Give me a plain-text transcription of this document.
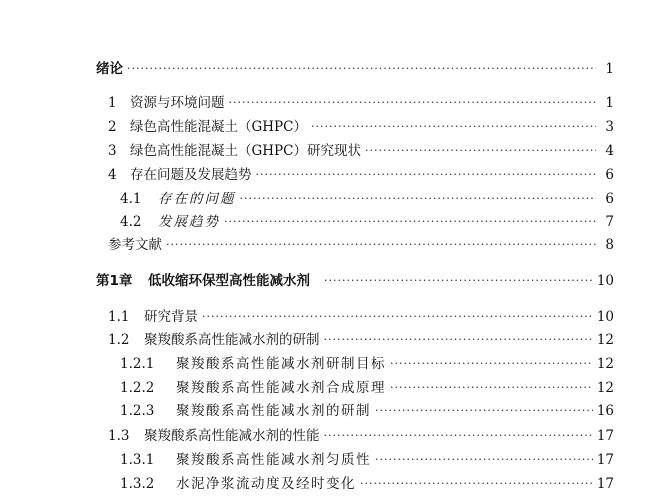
绪论 ·····	1
1 资源与环境问题 ·····	1
2 绿色高性能混凝土（GHPC） ·····	3
3 绿色高性能混凝土（GHPC）研究现状 ·····	4
4 存在问题及发展趋势 ·····	6
4.1	存在的问题 ·····	6
4.2	发展趋势 ·····	7
参考文献 ·····	8
第1章	低收缩环保型高性能减水剂 ·····	10
1.1	研究背景 ·····	10
1.2	聚羧酸系高性能减水剂的研制 ·····	12
1.2.1	聚羧酸系高性能减水剂研制目标 ·····	12
1.2.2	聚羧酸系高性能减水剂合成原理 ·····	12
1.2.3	聚羧酸系高性能减水剂的研制 ·····	16
1.3	聚羧酸系高性能减水剂的性能 ·····	17
1.3.1	聚羧酸系高性能减水剂匀质性 ·····	17
1.3.2	水泥净浆流动度及经时变化 ·····	17
